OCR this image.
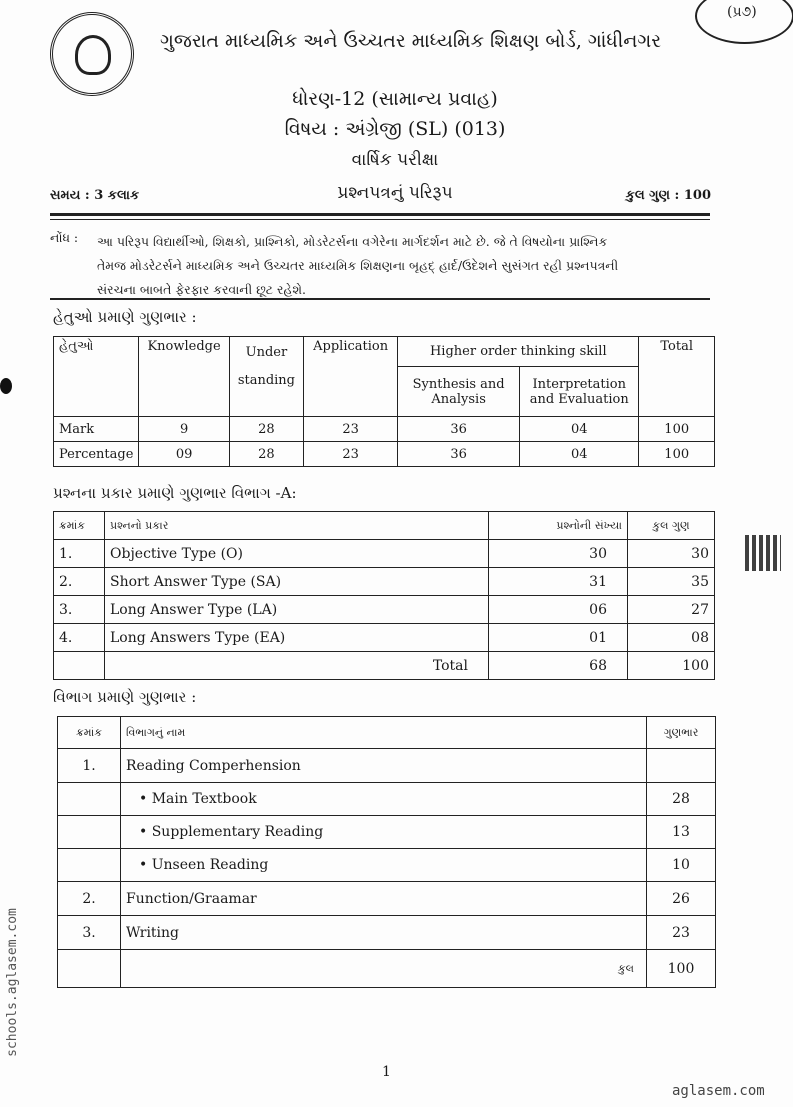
(પ્ર૭)
ગુજરાત માધ્યમિક અને ઉચ્ચતર માધ્યમિક શિક્ષણ બોર્ડ, ગાંધીનગર
ધોરણ-12 (સામાન્ય પ્રવાહ)
વિષય : અંગ્રેજી (SL) (013)
વાર્ષિક પરીક્ષા
સમય : 3 કલાક	પ્રશ્નપત્રનું પરિરૂપ	કુલ ગુણ : 100
નોંધ : આ પરિરૂપ વિદ્યાર્થીઓ, શિક્ષકો, પ્રાશ્નિકો, મોડરેટર્સના વગેરેના માર્ગદર્શન માટે છે. જે તે વિષયોના પ્રાશ્નિક
તેમજ મોડરેટર્સને માધ્યમિક અને ઉચ્ચતર માધ્યમિક શિક્ષણના બૃહદ્ હાર્દ/ઉદેશને સુસંગત રહી પ્રશ્નપત્રની
સંરચના બાબતે ફેરફાર કરવાની છૂટ રહેશે.
હેતુઓ પ્રમાણે ગુણભાર :
હેતુઓ	Knowledge	Under standing	Application	Higher order thinking skill		Total
				Synthesis and Analysis	Interpretation and Evaluation	
Mark	9	28	23	36	04	100
Percentage	09	28	23	36	04	100
પ્રશ્નના પ્રકાર પ્રમાણે ગુણભાર વિભાગ -A:
ક્રમાંક	પ્રશ્નનો પ્રકાર	પ્રશ્નોની સંખ્યા	કુલ ગુણ
1.	Objective Type (O)	30	30
2.	Short Answer Type (SA)	31	35
3.	Long Answer Type (LA)	06	27
4.	Long Answers Type (EA)	01	08
	Total	68	100
વિભાગ પ્રમાણે ગુણભાર :
ક્રમાંક	વિભાગનું નામ	ગુણભાર
1.	Reading Comperhension	
	• Main Textbook	28
	• Supplementary Reading	13
	• Unseen Reading	10
2.	Function/Graamar	26
3.	Writing	23
	કુલ	100
1
schools.aglasem.com
aglasem.com
